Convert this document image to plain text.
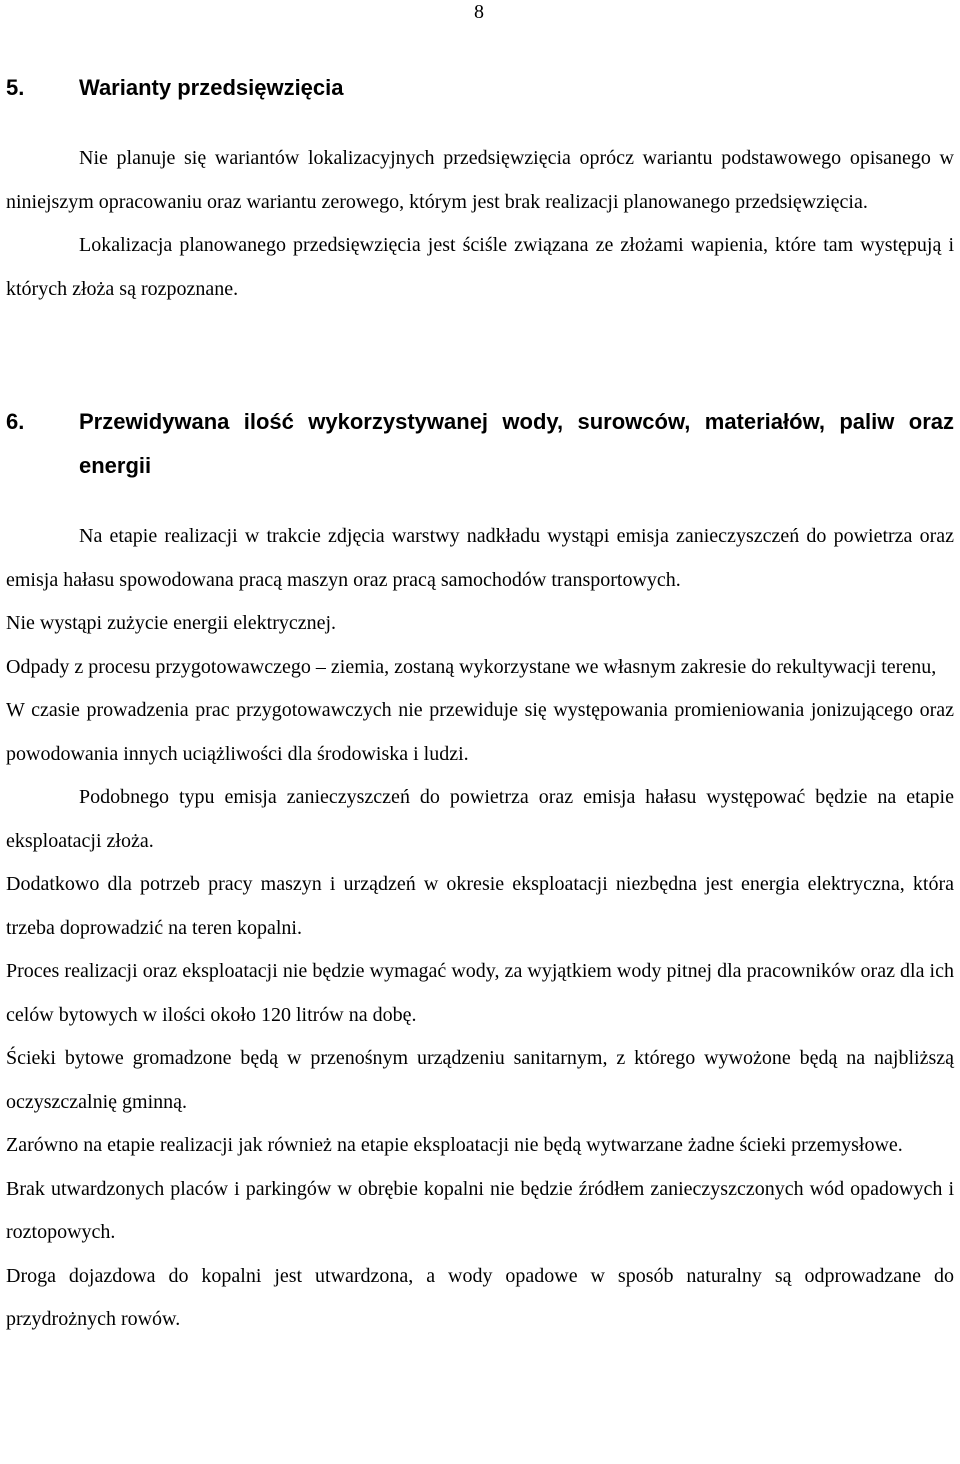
8
5. Warianty przedsięwzięcia

Nie planuje się wariantów lokalizacyjnych przedsięwzięcia oprócz wariantu podstawowego opisanego w niniejszym opracowaniu oraz wariantu zerowego, którym jest brak realizacji planowanego przedsięwzięcia.

Lokalizacja planowanego przedsięwzięcia jest ściśle związana ze złożami wapienia, które tam występują i których złoża są rozpoznane.

6. Przewidywana ilość wykorzystywanej wody, surowców, materiałów, paliw oraz energii

Na etapie realizacji w trakcie zdjęcia warstwy nadkładu wystąpi emisja zanieczyszczeń do powietrza oraz emisja hałasu spowodowana pracą maszyn oraz pracą samochodów transportowych.

Nie wystąpi zużycie energii elektrycznej.

Odpady z procesu przygotowawczego – ziemia, zostaną wykorzystane we własnym zakresie do rekultywacji terenu,

W czasie prowadzenia prac przygotowawczych nie przewiduje się występowania promieniowania jonizującego oraz powodowania innych uciążliwości dla środowiska i ludzi.

Podobnego typu emisja zanieczyszczeń do powietrza oraz emisja hałasu występować będzie na etapie eksploatacji złoża.

Dodatkowo dla potrzeb pracy maszyn i urządzeń w okresie eksploatacji niezbędna jest energia elektryczna, która trzeba doprowadzić na teren kopalni.

Proces realizacji oraz eksploatacji nie będzie wymagać wody, za wyjątkiem wody pitnej dla pracowników oraz dla ich celów bytowych w ilości około 120 litrów na dobę.

Ścieki bytowe gromadzone będą w przenośnym urządzeniu sanitarnym, z którego wywożone będą na najbliższą oczyszczalnię gminną.

Zarówno na etapie realizacji jak również na etapie eksploatacji nie będą wytwarzane żadne ścieki przemysłowe.

Brak utwardzonych placów i parkingów w obrębie kopalni nie będzie źródłem zanieczyszczonych wód opadowych i roztopowych.

Droga dojazdowa do kopalni jest utwardzona, a wody opadowe w sposób naturalny są odprowadzane do przydrożnych rowów.
